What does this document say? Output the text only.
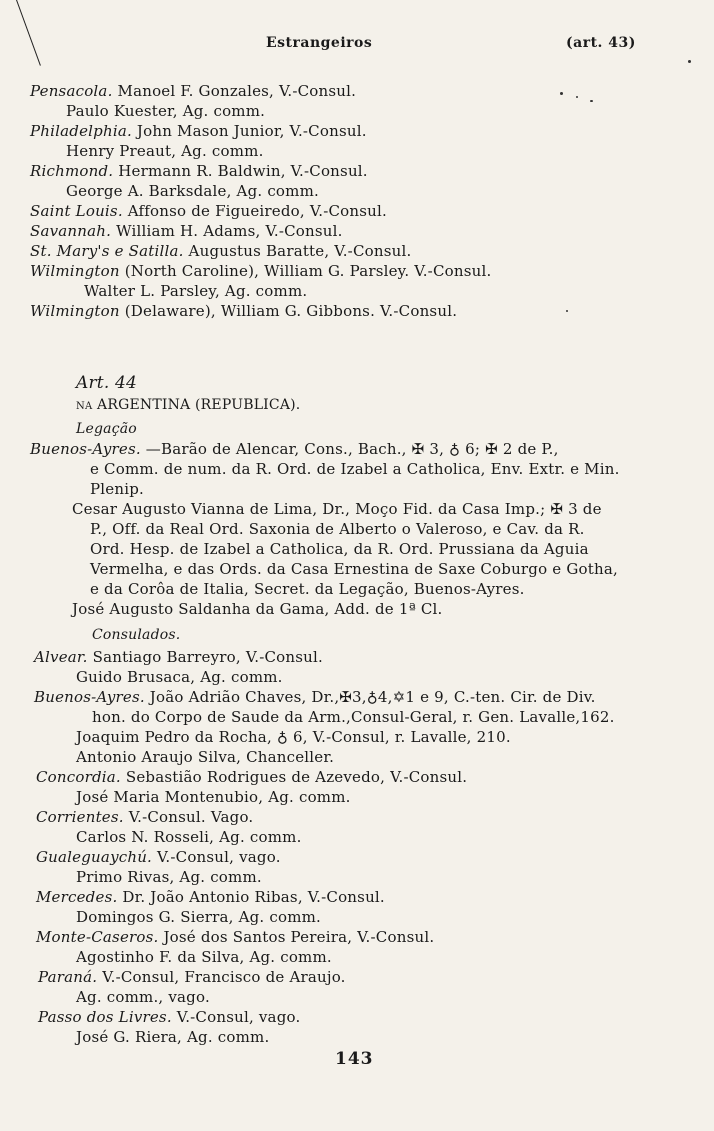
Estrangeiros	(art. 43)
Pensacola. Manoel F. Gonzales, V.-Consul.
Paulo Kuester, Ag. comm.
Philadelphia. John Mason Junior, V.-Consul.
Henry Preaut, Ag. comm.
Richmond. Hermann R. Baldwin, V.-Consul.
George A. Barksdale, Ag. comm.
Saint Louis. Affonso de Figueiredo, V.-Consul.
Savannah. William H. Adams, V.-Consul.
St. Mary's e Satilla. Augustus Baratte, V.-Consul.
Wilmington (North Caroline), William G. Parsley. V.-Consul.
Walter L. Parsley, Ag. comm.
Wilmington (Delaware), William G. Gibbons. V.-Consul.
Art. 44
na ARGENTINA (REPUBLICA).
Legação
Buenos-Ayres. —Barão de Alencar, Cons., Bach., ✠ 3, ♁ 6; ✠ 2 de P.,
e Comm. de num. da R. Ord. de Izabel a Catholica, Env. Extr. e Min.
Plenip.
Cesar Augusto Vianna de Lima, Dr., Moço Fid. da Casa Imp.; ✠ 3 de
P., Off. da Real Ord. Saxonia de Alberto o Valeroso, e Cav. da R.
Ord. Hesp. de Izabel a Catholica, da R. Ord. Prussiana da Aguia
Vermelha, e das Ords. da Casa Ernestina de Saxe Coburgo e Gotha,
e da Corôa de Italia, Secret. da Legação, Buenos-Ayres.
José Augusto Saldanha da Gama, Add. de 1ª Cl.
Consulados.
Alvear. Santiago Barreyro, V.-Consul.
Guido Brusaca, Ag. comm.
Buenos-Ayres. João Adrião Chaves, Dr.,✠3,♁4,✡1 e 9, C.-ten. Cir. de Div.
hon. do Corpo de Saude da Arm.,Consul-Geral, r. Gen. Lavalle,162.
Joaquim Pedro da Rocha, ♁ 6, V.-Consul, r. Lavalle, 210.
Antonio Araujo Silva, Chanceller.
Concordia. Sebastião Rodrigues de Azevedo, V.-Consul.
José Maria Montenubio, Ag. comm.
Corrientes. V.-Consul. Vago.
Carlos N. Rosseli, Ag. comm.
Gualeguaychú. V.-Consul, vago.
Primo Rivas, Ag. comm.
Mercedes. Dr. João Antonio Ribas, V.-Consul.
Domingos G. Sierra, Ag. comm.
Monte-Caseros. José dos Santos Pereira, V.-Consul.
Agostinho F. da Silva, Ag. comm.
Paraná. V.-Consul, Francisco de Araujo.
Ag. comm., vago.
Passo dos Livres. V.-Consul, vago.
José G. Riera, Ag. comm.
143
